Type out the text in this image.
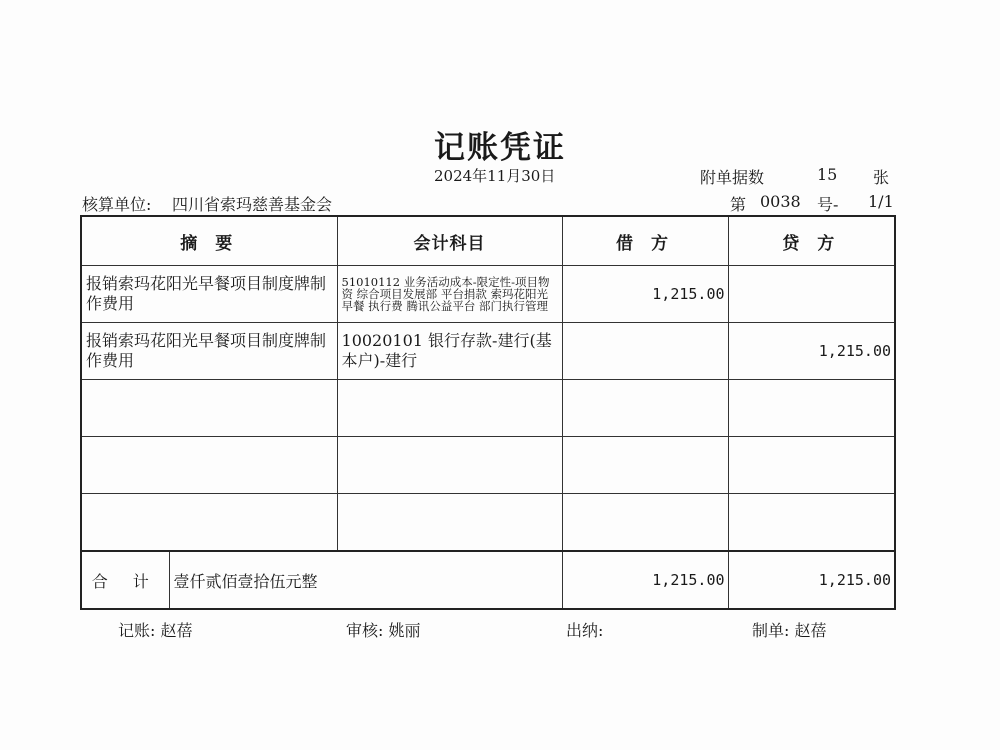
记账凭证
2024年11月30日	附单据数	15 张
核算单位: 四川省索玛慈善基金会	第 0038 号- 1/1
摘 要		会计科目	借 方	贷 方
报销索玛花阳光早餐项目制度牌制作费用		51010112 业务活动成本-限定性-项目物资 综合项目发展部 平台捐款 索玛花阳光早餐 执行费 腾讯公益平台 部门执行管理	1,215.00	
报销索玛花阳光早餐项目制度牌制作费用		10020101 银行存款-建行(基本户)-建行		1,215.00

合 计	壹仟贰佰壹拾伍元整		1,215.00	1,215.00
记账: 赵蓓	审核: 姚丽	出纳:	制单: 赵蓓
